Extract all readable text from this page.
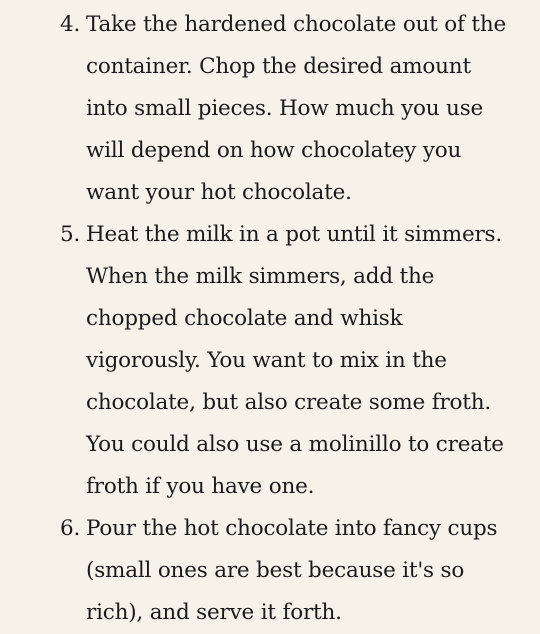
4. Take the hardened chocolate out of the container. Chop the desired amount into small pieces. How much you use will depend on how chocolatey you want your hot chocolate.
5. Heat the milk in a pot until it simmers. When the milk simmers, add the chopped chocolate and whisk vigorously. You want to mix in the chocolate, but also create some froth. You could also use a molinillo to create froth if you have one.
6. Pour the hot chocolate into fancy cups (small ones are best because it's so rich), and serve it forth.
